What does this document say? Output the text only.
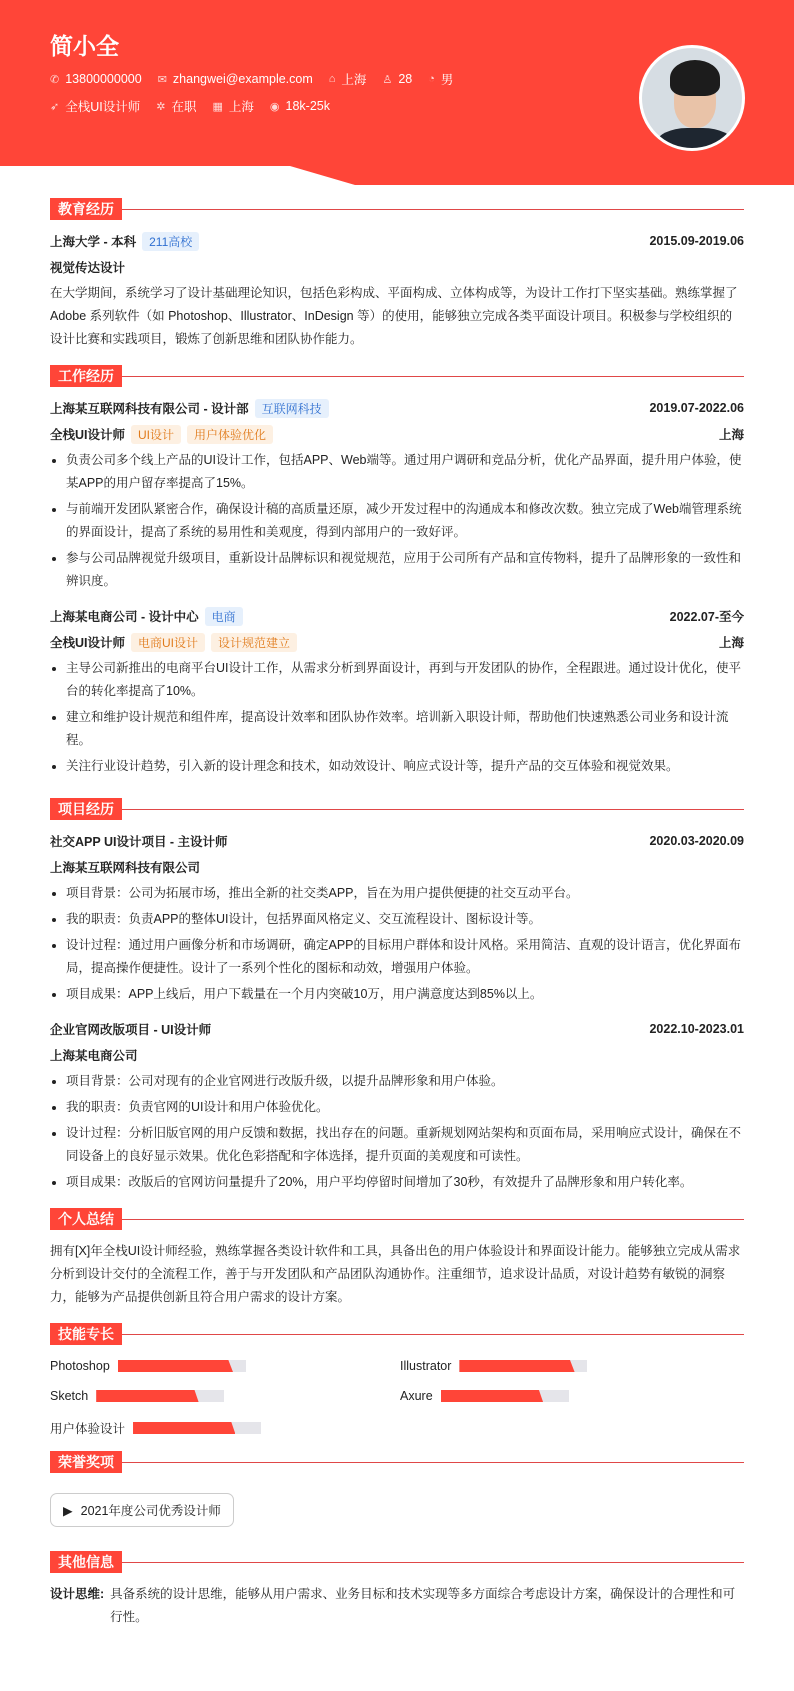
简小全
✆ 13800000000 ✉ zhangwei@example.com ⌂ 上海 ♙ 28 ◔ 男
➶ 全栈UI设计师 ✲ 在职 ▦ 上海 ◉ 18k-25k
教育经历
上海大学 - 本科	211高校	2015.09-2019.06
视觉传达设计

在大学期间，系统学习了设计基础理论知识，包括色彩构成、平面构成、立体构成等，为设计工作打下坚实基础。熟练掌握了 Adobe 系列软件（如 Photoshop、Illustrator、InDesign 等）的使用，能够独立完成各类平面设计项目。积极参与学校组织的设计比赛和实践项目，锻炼了创新思维和团队协作能力。

工作经历
上海某互联网科技有限公司 - 设计部	互联网科技	2019.07-2022.06
全栈UI设计师	UI设计	用户体验优化	上海
负责公司多个线上产品的UI设计工作，包括APP、Web端等。通过用户调研和竞品分析，优化产品界面，提升用户体验，使某APP的用户留存率提高了15%。
与前端开发团队紧密合作，确保设计稿的高质量还原，减少开发过程中的沟通成本和修改次数。独立完成了Web端管理系统的界面设计，提高了系统的易用性和美观度，得到内部用户的一致好评。
参与公司品牌视觉升级项目，重新设计品牌标识和视觉规范，应用于公司所有产品和宣传物料，提升了品牌形象的一致性和辨识度。
上海某电商公司 - 设计中心	电商	2022.07-至今
全栈UI设计师	电商UI设计	设计规范建立	上海
主导公司新推出的电商平台UI设计工作，从需求分析到界面设计，再到与开发团队的协作，全程跟进。通过设计优化，使平台的转化率提高了10%。
建立和维护设计规范和组件库，提高设计效率和团队协作效率。培训新入职设计师，帮助他们快速熟悉公司业务和设计流程。
关注行业设计趋势，引入新的设计理念和技术，如动效设计、响应式设计等，提升产品的交互体验和视觉效果。
项目经历
社交APP UI设计项目 - 主设计师	2020.03-2020.09
上海某互联网科技有限公司
项目背景：公司为拓展市场，推出全新的社交类APP，旨在为用户提供便捷的社交互动平台。
我的职责：负责APP的整体UI设计，包括界面风格定义、交互流程设计、图标设计等。
设计过程：通过用户画像分析和市场调研，确定APP的目标用户群体和设计风格。采用简洁、直观的设计语言，优化界面布局，提高操作便捷性。设计了一系列个性化的图标和动效，增强用户体验。
项目成果：APP上线后，用户下载量在一个月内突破10万，用户满意度达到85%以上。
企业官网改版项目 - UI设计师	2022.10-2023.01
上海某电商公司
项目背景：公司对现有的企业官网进行改版升级，以提升品牌形象和用户体验。
我的职责：负责官网的UI设计和用户体验优化。
设计过程：分析旧版官网的用户反馈和数据，找出存在的问题。重新规划网站架构和页面布局，采用响应式设计，确保在不同设备上的良好显示效果。优化色彩搭配和字体选择，提升页面的美观度和可读性。
项目成果：改版后的官网访问量提升了20%，用户平均停留时间增加了30秒，有效提升了品牌形象和用户转化率。
个人总结

拥有[X]年全栈UI设计师经验，熟练掌握各类设计软件和工具，具备出色的用户体验设计和界面设计能力。能够独立完成从需求分析到设计交付的全流程工作，善于与开发团队和产品团队沟通协作。注重细节，追求设计品质，对设计趋势有敏锐的洞察力，能够为产品提供创新且符合用户需求的设计方案。

技能专长
Photoshop	Illustrator
Sketch	Axure
用户体验设计
荣誉奖项
▶ 2021年度公司优秀设计师
其他信息
设计思维: 具备系统的设计思维，能够从用户需求、业务目标和技术实现等多方面综合考虑设计方案，确保设计的合理性和可行性。
